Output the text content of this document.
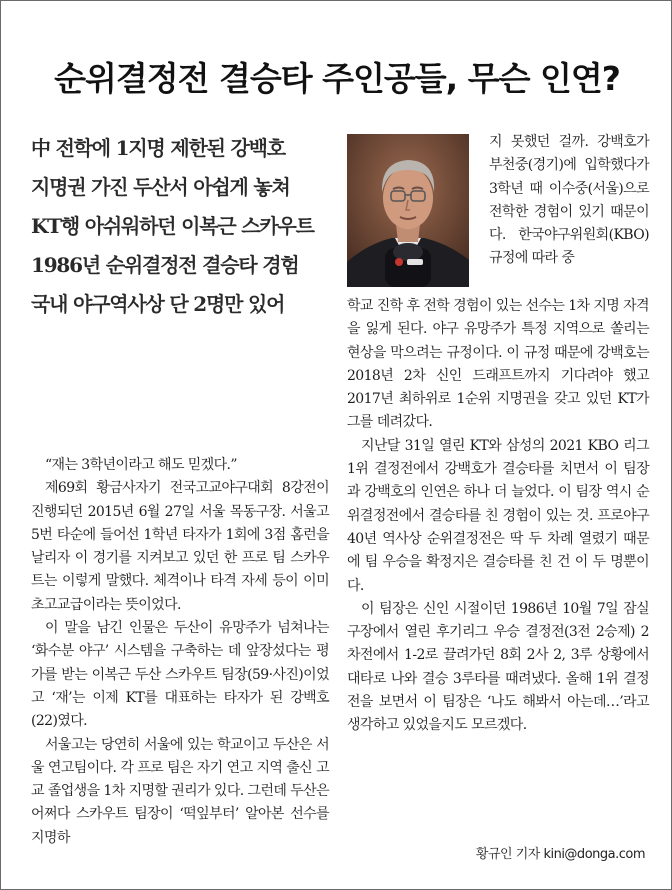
순위결정전 결승타 주인공들, 무슨 인연?
中 전학에 1지명 제한된 강백호
지명권 가진 두산서 아쉽게 놓쳐
KT행 아쉬워하던 이복근 스카우트
1986년 순위결정전 결승타 경험
국내 야구역사상 단 2명만 있어

지 못했던 걸까. 강백호가 부천중(경기)에 입학했다가 3학년 때 이수중(서울)으로 전학한 경험이 있기 때문이다. 한국야구위원회(KBO) 규정에 따라 중

학교 진학 후 전학 경험이 있는 선수는 1차 지명 자격을 잃게 된다. 야구 유망주가 특정 지역으로 쏠리는 현상을 막으려는 규정이다. 이 규정 때문에 강백호는 2018년 2차 신인 드래프트까지 기다려야 했고 2017년 최하위로 1순위 지명권을 갖고 있던 KT가 그를 데려갔다.

지난달 31일 열린 KT와 삼성의 2021 KBO 리그 1위 결정전에서 강백호가 결승타를 치면서 이 팀장과 강백호의 인연은 하나 더 늘었다. 이 팀장 역시 순위결정전에서 결승타를 친 경험이 있는 것. 프로야구 40년 역사상 순위결정전은 딱 두 차례 열렸기 때문에 팀 우승을 확정지은 결승타를 친 건 이 두 명뿐이다.

이 팀장은 신인 시절이던 1986년 10월 7일 잠실구장에서 열린 후기리그 우승 결정전(3전 2승제) 2차전에서 1-2로 끌려가던 8회 2사 2, 3루 상황에서 대타로 나와 결승 3루타를 때려냈다. 올해 1위 결정전을 보면서 이 팀장은 ‘나도 해봐서 아는데…’라고 생각하고 있었을지도 모르겠다.

“재는 3학년이라고 해도 믿겠다.”

제69회 황금사자기 전국고교야구대회 8강전이 진행되던 2015년 6월 27일 서울 목동구장. 서울고 5번 타순에 들어선 1학년 타자가 1회에 3점 홈런을 날리자 이 경기를 지켜보고 있던 한 프로 팀 스카우트는 이렇게 말했다. 체격이나 타격 자세 등이 이미 초고교급이라는 뜻이었다.

이 말을 남긴 인물은 두산이 유망주가 넘쳐나는 ‘화수분 야구’ 시스템을 구축하는 데 앞장섰다는 평가를 받는 이복근 두산 스카우트 팀장(59·사진)이었고 ‘재’는 이제 KT를 대표하는 타자가 된 강백호(22)였다.

서울고는 당연히 서울에 있는 학교이고 두산은 서울 연고팀이다. 각 프로 팀은 자기 연고 지역 출신 고교 졸업생을 1차 지명할 권리가 있다. 그런데 두산은 어쩌다 스카우트 팀장이 ‘떡잎부터’ 알아본 선수를 지명하

황규인 기자 kini@donga.com
